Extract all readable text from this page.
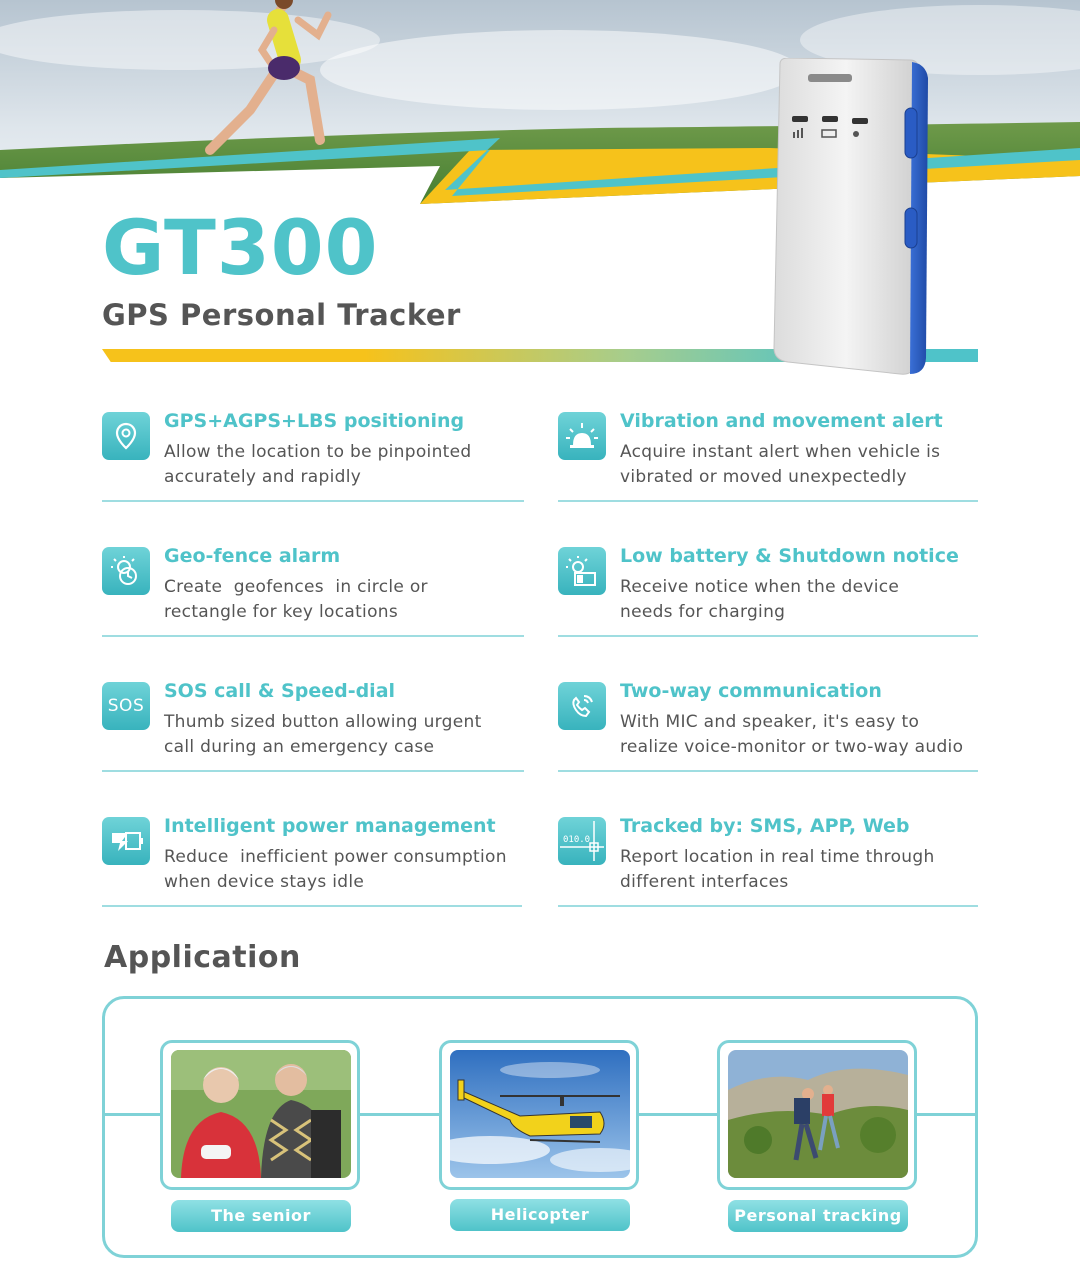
GT300
GPS Personal Tracker
GPS+AGPS+LBS positioning
Allow the location to be pinpointed
accurately and rapidly
Vibration and movement alert
Acquire instant alert when vehicle is
vibrated or moved unexpectedly
Geo-fence alarm
Create  geofences  in circle or
rectangle for key locations
Low battery & Shutdown notice
Receive notice when the device
needs for charging
SOS
SOS call & Speed-dial
Thumb sized button allowing urgent
call during an emergency case
Two-way communication
With MIC and speaker, it's easy to
realize voice-monitor or two-way audio
Intelligent power management
Reduce  inefficient power consumption
when device stays idle
010.0
Tracked by: SMS, APP, Web
Report location in real time through
different interfaces
Application
The senior	Helicopter	Personal tracking
